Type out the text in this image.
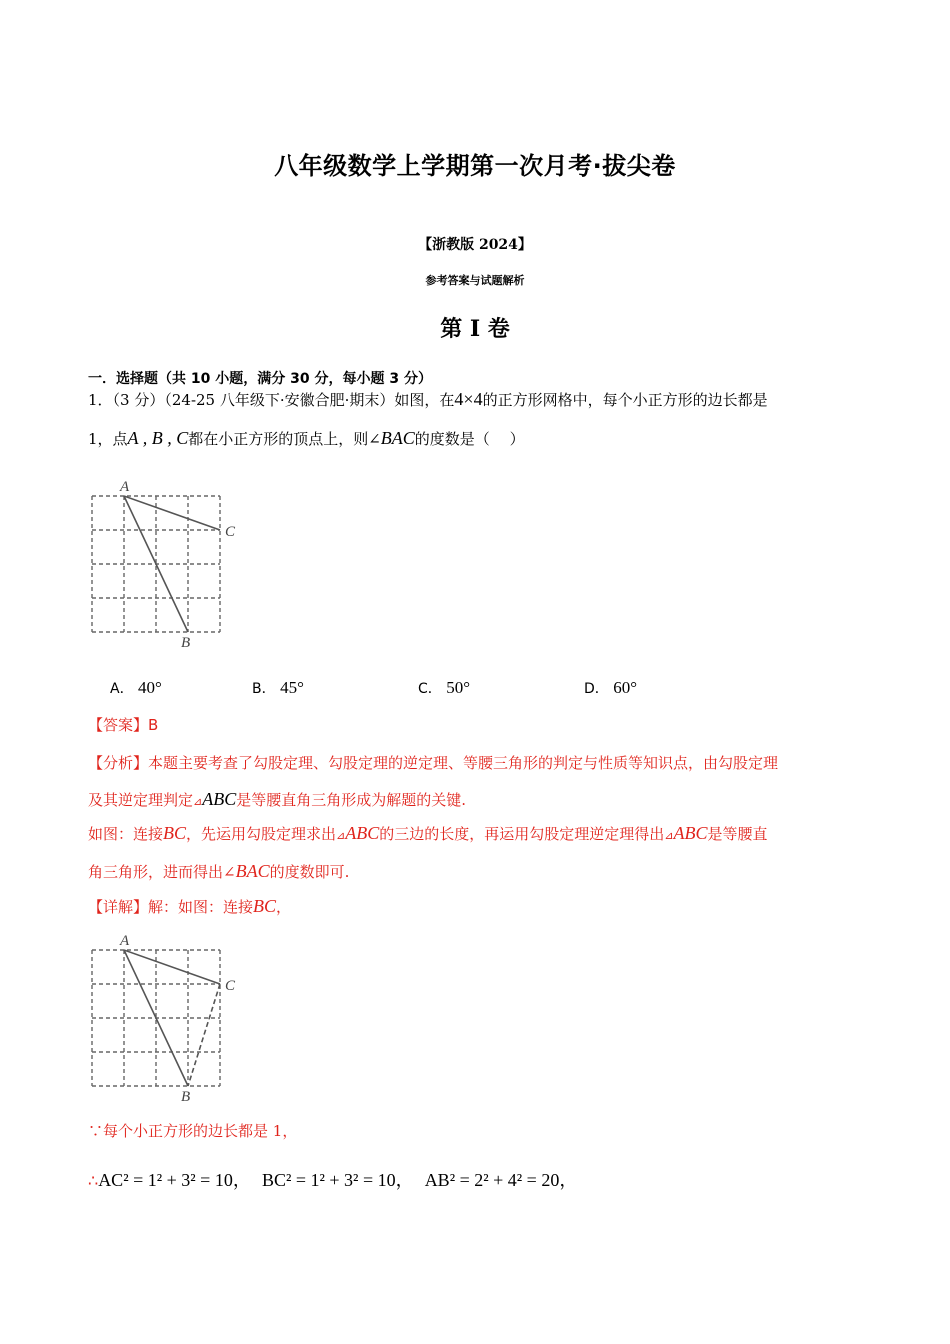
八年级数学上学期第一次月考·拔尖卷
【浙教版 2024】
参考答案与试题解析
第 I 卷
一．选择题（共 10 小题，满分 30 分，每小题 3 分）
1．（3 分）（24-25 八年级下·安徽合肥·期末）如图，在4×4的正方形网格中，每个小正方形的边长都是
1，点A , B , C都在小正方形的顶点上，则∠BAC的度数是（　 ）
A
C
B
A． 40°	B． 45°	C． 50°	D． 60°
【答案】B
【分析】本题主要考查了勾股定理、勾股定理的逆定理、等腰三角形的判定与性质等知识点，由勾股定理
及其逆定理判定⊿ABC是等腰直角三角形成为解题的关键.
如图：连接BC，先运用勾股定理求出⊿ABC的三边的长度，再运用勾股定理逆定理得出⊿ABC是等腰直
角三角形，进而得出∠BAC的度数即可.
【详解】解：如图：连接BC，
A
C
B
∵每个小正方形的边长都是 1，
∴AC² = 1² + 3² = 10， BC² = 1² + 3² = 10， AB² = 2² + 4² = 20，
